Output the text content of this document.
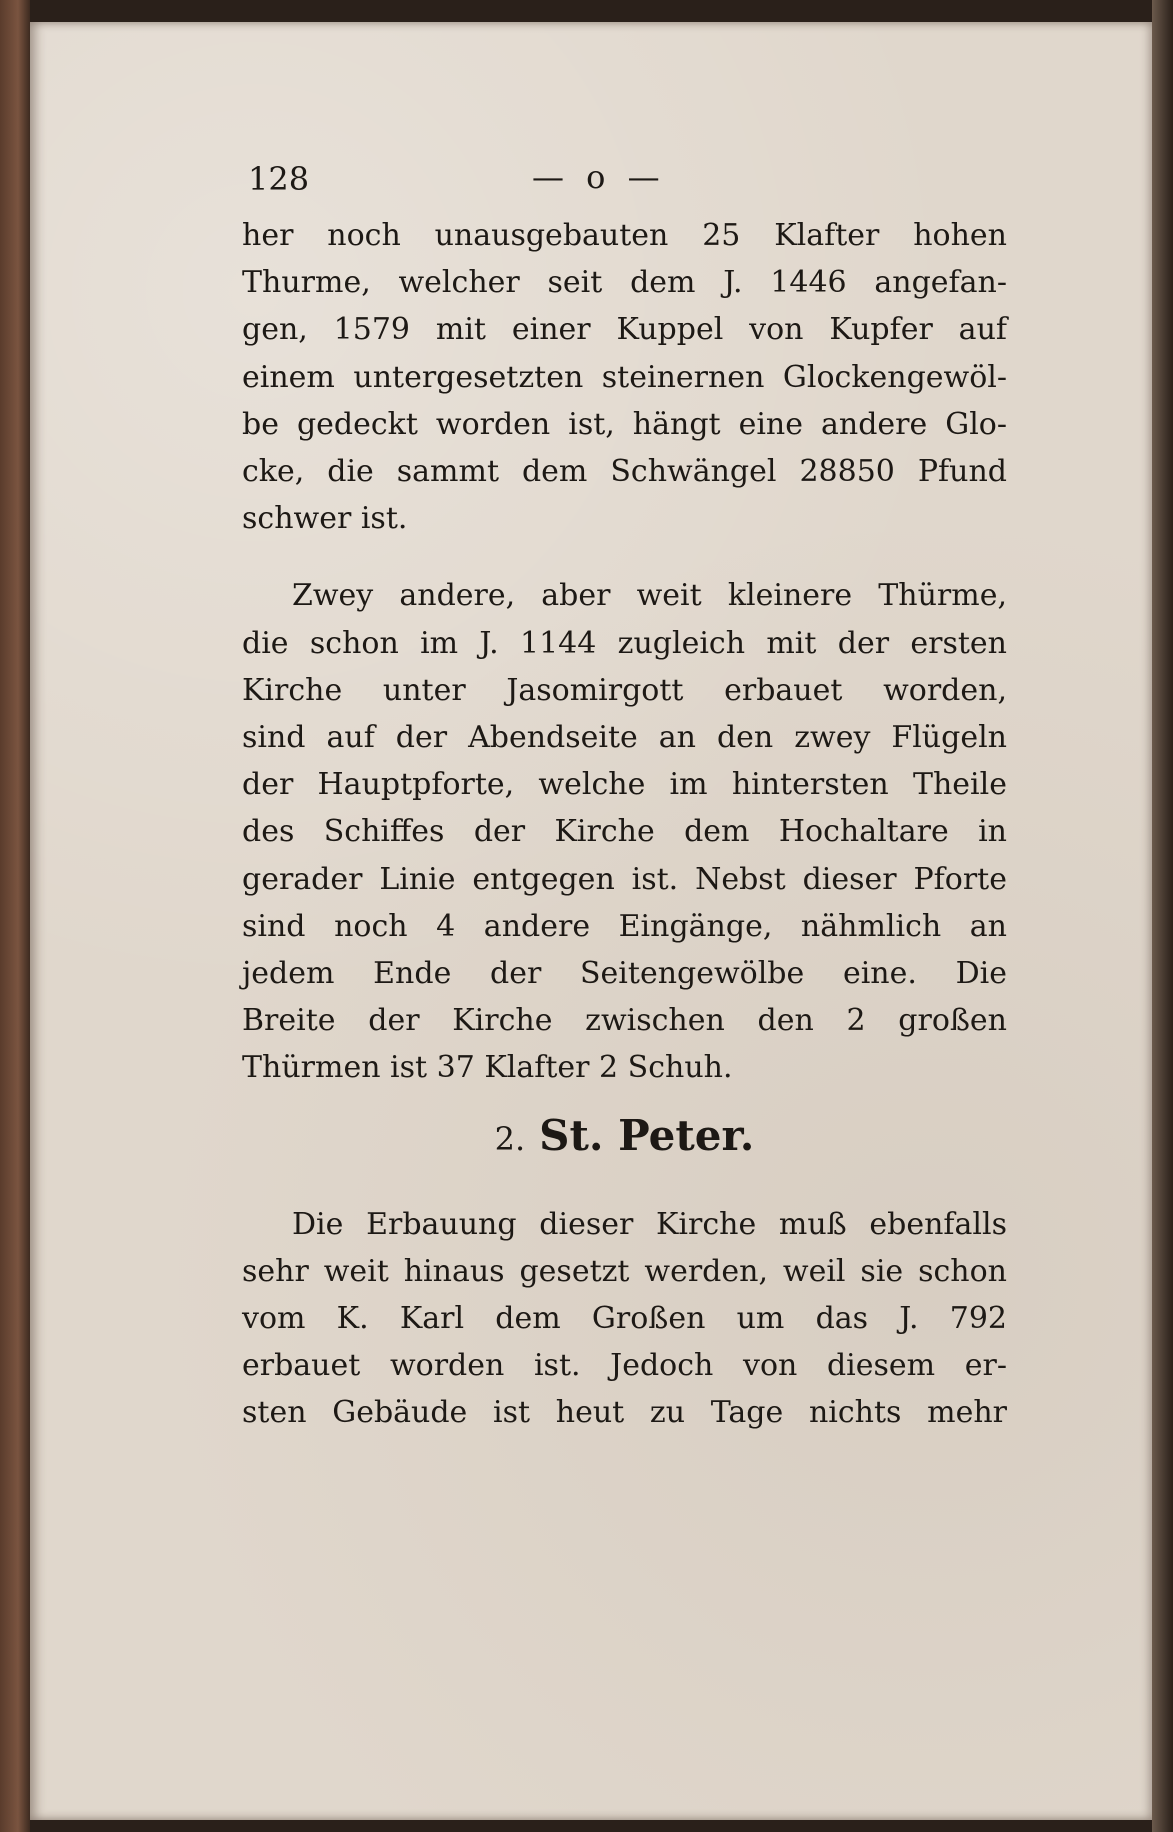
128	— o —

her noch unausgebauten 25 Klafter hohen
Thurme, welcher seit dem J. 1446 angefan-
gen, 1579 mit einer Kuppel von Kupfer auf
einem untergesetzten steinernen Glockengewöl-
be gedeckt worden ist, hängt eine andere Glo-
cke, die sammt dem Schwängel 28850 Pfund
schwer ist.

Zwey andere, aber weit kleinere Thürme,
die schon im J. 1144 zugleich mit der ersten
Kirche unter Jasomirgott erbauet worden,
sind auf der Abendseite an den zwey Flügeln
der Hauptpforte, welche im hintersten Theile
des Schiffes der Kirche dem Hochaltare in
gerader Linie entgegen ist. Nebst dieser Pforte
sind noch 4 andere Eingänge, nähmlich an
jedem Ende der Seitengewölbe eine. Die
Breite der Kirche zwischen den 2 großen
Thürmen ist 37 Klafter 2 Schuh.

2. St. Peter.

Die Erbauung dieser Kirche muß ebenfalls
sehr weit hinaus gesetzt werden, weil sie schon
vom K. Karl dem Großen um das J. 792
erbauet worden ist. Jedoch von diesem er-
sten Gebäude ist heut zu Tage nichts mehr
